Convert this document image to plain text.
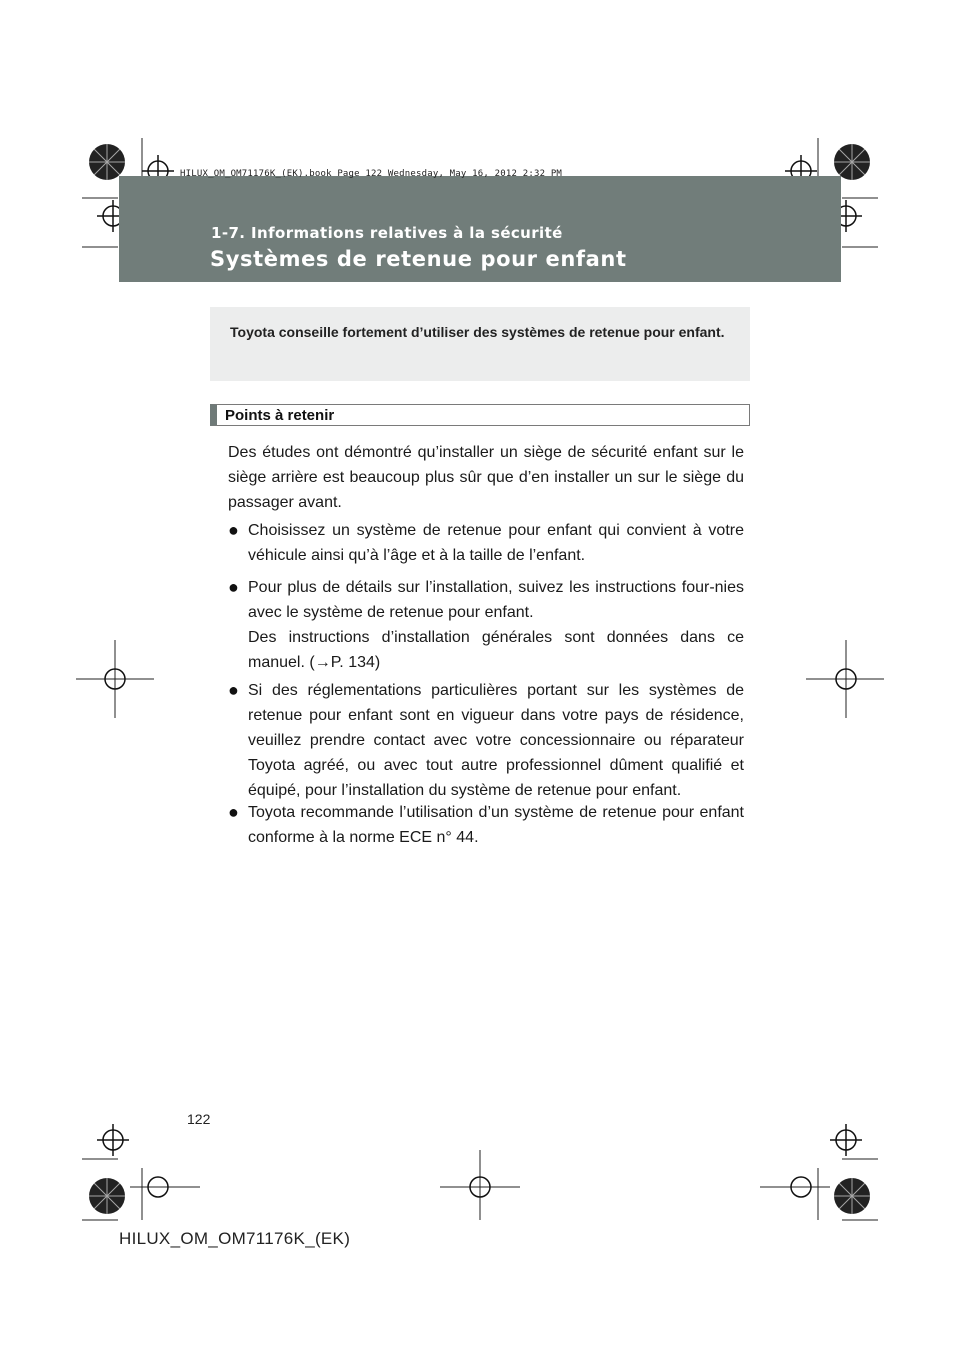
HILUX_OM_OM71176K_(EK).book Page 122 Wednesday, May 16, 2012 2:32 PM
1-7. Informations relatives à la sécurité
Systèmes de retenue pour enfant
Toyota conseille fortement d’utiliser des systèmes de retenue pour enfant.
Points à retenir
Des études ont démontré qu’installer un siège de sécurité enfant sur le siège arrière est beaucoup plus sûr que d’en installer un sur le siège du passager avant.
● Choisissez un système de retenue pour enfant qui convient à votre véhicule ainsi qu’à l’âge et à la taille de l’enfant.
● Pour plus de détails sur l’installation, suivez les instructions four-nies avec le système de retenue pour enfant.
Des instructions d’installation générales sont données dans ce manuel. (→P. 134)
● Si des réglementations particulières portant sur les systèmes de retenue pour enfant sont en vigueur dans votre pays de résidence, veuillez prendre contact avec votre concessionnaire ou réparateur Toyota agréé, ou avec tout autre professionnel dûment qualifié et équipé, pour l’installation du système de retenue pour enfant.
● Toyota recommande l’utilisation d’un système de retenue pour enfant conforme à la norme ECE n° 44.
122
HILUX_OM_OM71176K_(EK)
